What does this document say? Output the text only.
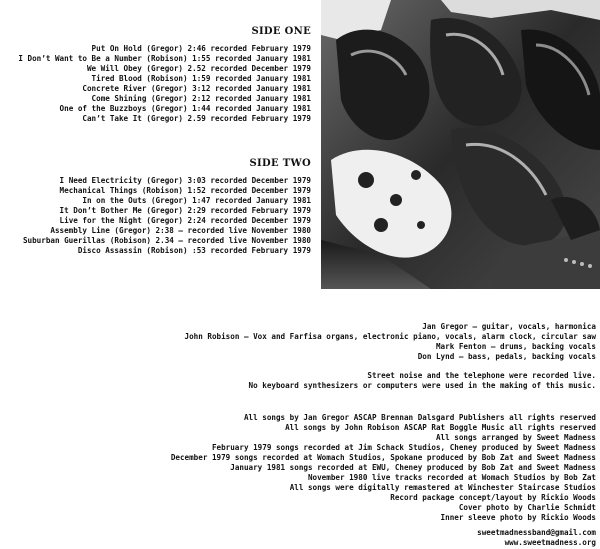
SIDE ONE
Put On Hold (Gregor) 2:46 recorded February 1979
I Don’t Want to Be a Number (Robison) 1:55 recorded January 1981
We Will Obey (Gregor) 2.52 recorded December 1979
Tired Blood (Robison) 1:59 recorded January 1981
Concrete River (Gregor) 3:12 recorded January 1981
Come Shining (Gregor) 2:12 recorded January 1981
One of the Buzzboys (Gregor) 1:44 recorded January 1981
Can’t Take It (Gregor) 2.59 recorded February 1979
SIDE TWO
I Need Electricity (Gregor) 3:03 recorded December 1979
Mechanical Things (Robison) 1:52 recorded December 1979
In on the Outs (Gregor) 1:47 recorded January 1981
It Don’t Bother Me (Gregor) 2:29 recorded February 1979
Live for the Night (Gregor) 2:24 recorded December 1979
Assembly Line (Gregor) 2:38 – recorded live November 1980
Suburban Guerillas (Robison) 2.34 – recorded live November 1980
Disco Assassin (Robison) :53 recorded February 1979
Jan Gregor – guitar, vocals, harmonica
John Robison – Vox and Farfisa organs, electronic piano, vocals, alarm clock, circular saw
Mark Fenton – drums, backing vocals
Don Lynd – bass, pedals, backing vocals
Street noise and the telephone were recorded live.
No keyboard synthesizers or computers were used in the making of this music.
All songs by Jan Gregor ASCAP Brennan Dalsgard Publishers all rights reserved
All songs by John Robison ASCAP Rat Boggle Music all rights reserved
All songs arranged by Sweet Madness
February 1979 songs recorded at Jim Schack Studios, Cheney produced by Sweet Madness
December 1979 songs recorded at Womach Studios, Spokane produced by Bob Zat and Sweet Madness
January 1981 songs recorded at EWU, Cheney produced by Bob Zat and Sweet Madness
November 1980 live tracks recorded at Womach Studios by Bob Zat
All songs were digitally remastered at Winchester Staircase Studios
Record package concept/layout by Rickio Woods
Cover photo by Charlie Schmidt
Inner sleeve photo by Rickio Woods
sweetmadnessband@gmail.com
www.sweetmadness.org
